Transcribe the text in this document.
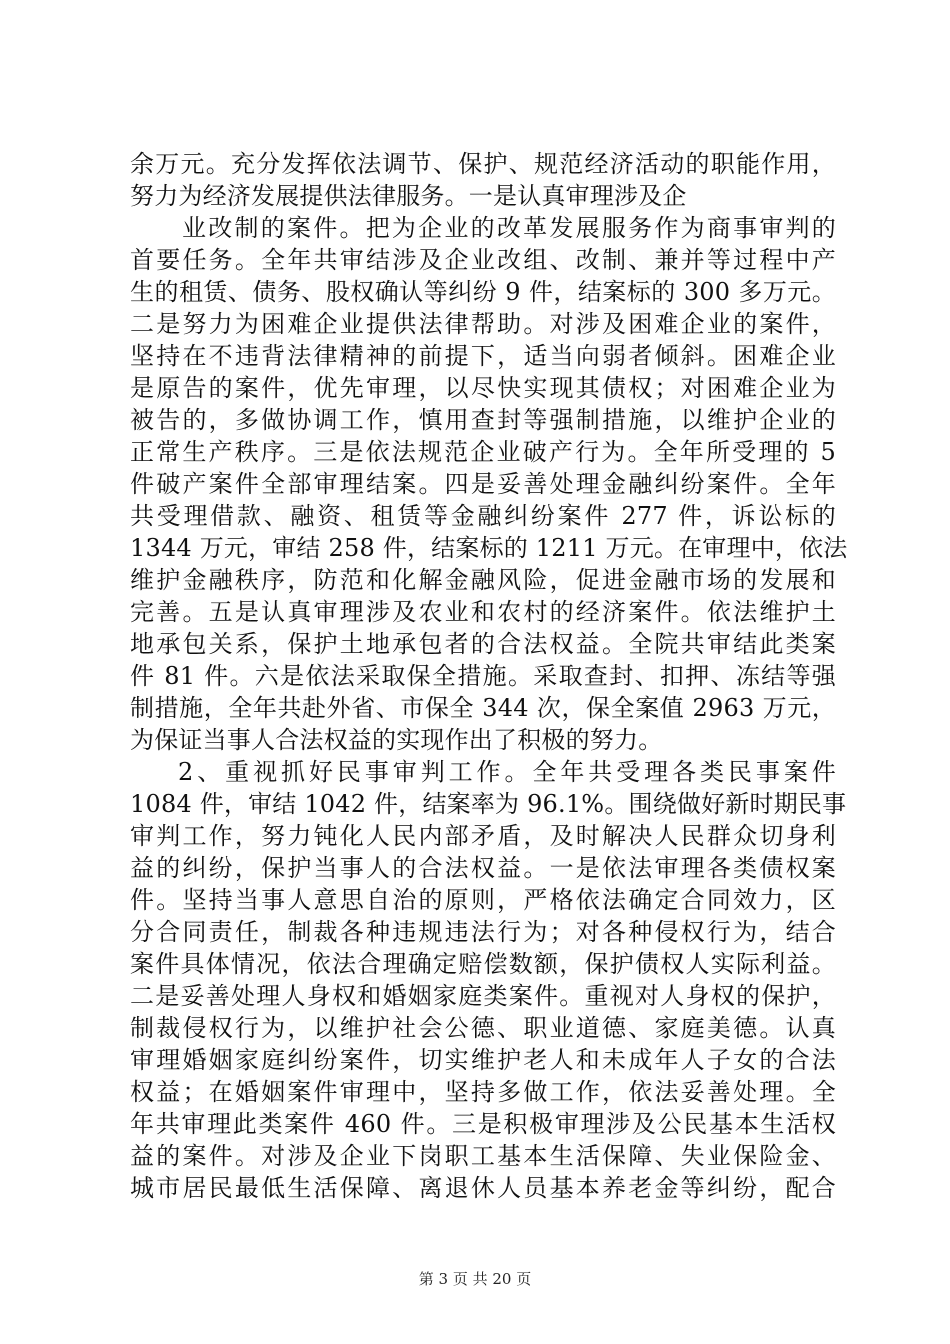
余万元。充分发挥依法调节、保护、规范经济活动的职能作用，
努力为经济发展提供法律服务。一是认真审理涉及企
业改制的案件。把为企业的改革发展服务作为商事审判的
首要任务。全年共审结涉及企业改组、改制、兼并等过程中产
生的租赁、债务、股权确认等纠纷 9 件，结案标的 300 多万元。
二是努力为困难企业提供法律帮助。对涉及困难企业的案件，
坚持在不违背法律精神的前提下，适当向弱者倾斜。困难企业
是原告的案件，优先审理，以尽快实现其债权；对困难企业为
被告的，多做协调工作，慎用查封等强制措施，以维护企业的
正常生产秩序。三是依法规范企业破产行为。全年所受理的 5
件破产案件全部审理结案。四是妥善处理金融纠纷案件。全年
共受理借款、融资、租赁等金融纠纷案件 277 件，诉讼标的
1344 万元，审结 258 件，结案标的 1211 万元。在审理中，依法
维护金融秩序，防范和化解金融风险，促进金融市场的发展和
完善。五是认真审理涉及农业和农村的经济案件。依法维护土
地承包关系，保护土地承包者的合法权益。全院共审结此类案
件 81 件。六是依法采取保全措施。采取查封、扣押、冻结等强
制措施，全年共赴外省、市保全 344 次，保全案值 2963 万元，
为保证当事人合法权益的实现作出了积极的努力。
2、重视抓好民事审判工作。全年共受理各类民事案件
1084 件，审结 1042 件，结案率为 96.1%。围绕做好新时期民事
审判工作，努力钝化人民内部矛盾，及时解决人民群众切身利
益的纠纷，保护当事人的合法权益。一是依法审理各类债权案
件。坚持当事人意思自治的原则，严格依法确定合同效力，区
分合同责任，制裁各种违规违法行为；对各种侵权行为，结合
案件具体情况，依法合理确定赔偿数额，保护债权人实际利益。
二是妥善处理人身权和婚姻家庭类案件。重视对人身权的保护，
制裁侵权行为，以维护社会公德、职业道德、家庭美德。认真
审理婚姻家庭纠纷案件，切实维护老人和未成年人子女的合法
权益；在婚姻案件审理中，坚持多做工作，依法妥善处理。全
年共审理此类案件 460 件。三是积极审理涉及公民基本生活权
益的案件。对涉及企业下岗职工基本生活保障、失业保险金、
城市居民最低生活保障、离退休人员基本养老金等纠纷，配合
第 3 页 共 20 页
